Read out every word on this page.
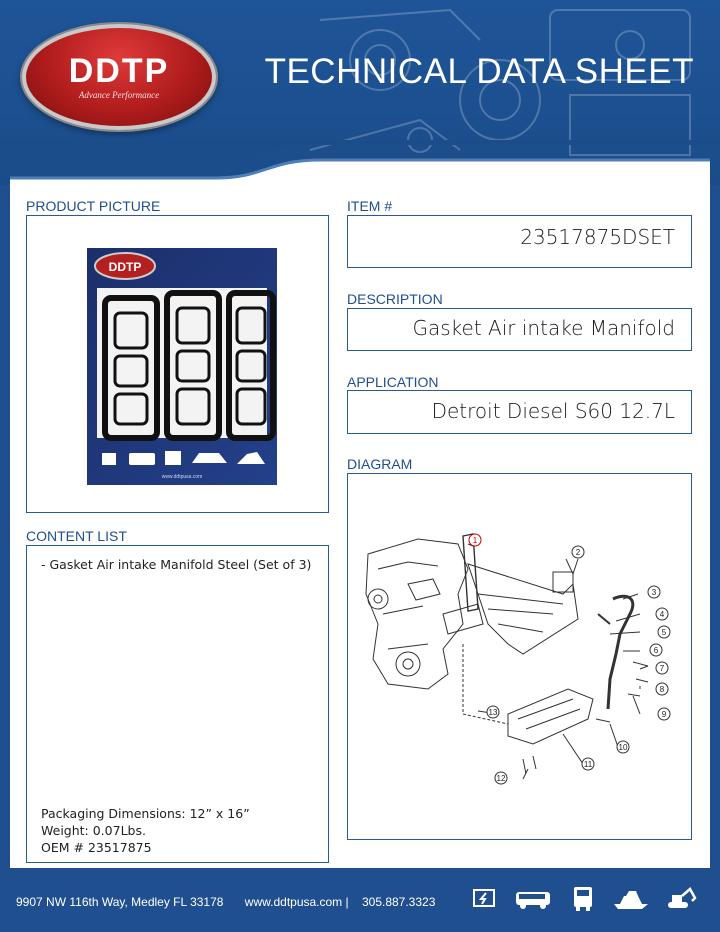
DDTP
Advance Performance
TECHNICAL DATA SHEET
PRODUCT PICTURE
DDTP
www.ddtpusa.com
ITEM #
23517875DSET
DESCRIPTION
Gasket Air intake Manifold
APPLICATION
Detroit Diesel S60 12.7L
DIAGRAM
1
2
3
4
5
6
7
8
9
10
11
12
13
CONTENT LIST
- Gasket Air intake Manifold Steel (Set of 3)
Packaging Dimensions: 12” x 16”
Weight: 0.07Lbs.
OEM # 23517875
9907 NW 116th Way, Medley FL 33178 www.ddtpusa.com | 305.887.3323
